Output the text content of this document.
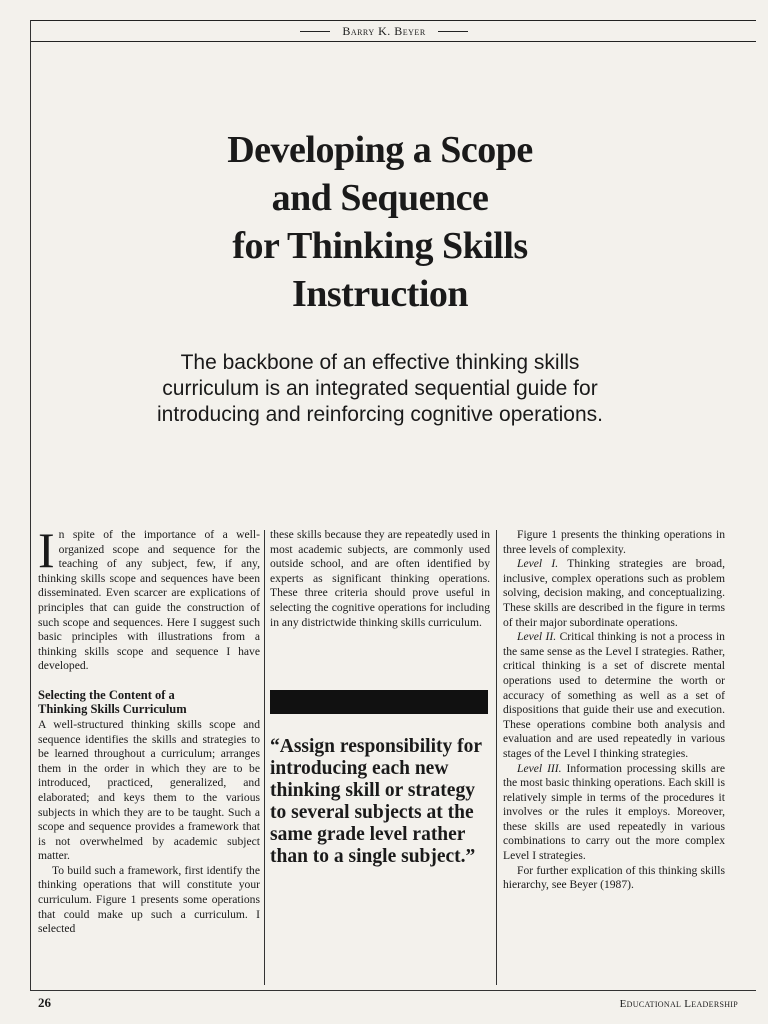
Barry K. Beyer
Developing a Scope
and Sequence
for Thinking Skills
Instruction
The backbone of an effective thinking skills
curriculum is an integrated sequential guide for
introducing and reinforcing cognitive operations.

In spite of the importance of a well-organized scope and sequence for the teaching of any subject, few, if any, thinking skills scope and sequences have been disseminated. Even scarcer are explications of principles that can guide the construction of such scope and sequences. Here I suggest such basic principles with illustrations from a thinking skills scope and sequence I have developed.

Selecting the Content of a
Thinking Skills Curriculum

A well-structured thinking skills scope and sequence identifies the skills and strategies to be learned throughout a curriculum; arranges them in the order in which they are to be introduced, practiced, generalized, and elaborated; and keys them to the various subjects in which they are to be taught. Such a scope and sequence provides a framework that is not overwhelmed by academic subject matter.

To build such a framework, first identify the thinking operations that will constitute your curriculum. Figure 1 presents some operations that could make up such a curriculum. I selected

these skills because they are repeatedly used in most academic subjects, are commonly used outside school, and are often identified by experts as significant thinking operations. These three criteria should prove useful in selecting the cognitive operations for including in any districtwide thinking skills curriculum.

“Assign responsibility for introducing each new thinking skill or strategy to several subjects at the same grade level rather than to a single subject.”

Figure 1 presents the thinking operations in three levels of complexity.

Level I. Thinking strategies are broad, inclusive, complex operations such as problem solving, decision making, and conceptualizing. These skills are described in the figure in terms of their major subordinate operations.

Level II. Critical thinking is not a process in the same sense as the Level I strategies. Rather, critical thinking is a set of discrete mental operations used to determine the worth or accuracy of something as well as a set of dispositions that guide their use and execution. These operations combine both analysis and evaluation and are used repeatedly in various stages of the Level I thinking strategies.

Level III. Information processing skills are the most basic thinking operations. Each skill is relatively simple in terms of the procedures it involves or the rules it employs. Moreover, these skills are used repeatedly in various combinations to carry out the more complex Level I strategies.

For further explication of this thinking skills hierarchy, see Beyer (1987).

26	Educational Leadership
